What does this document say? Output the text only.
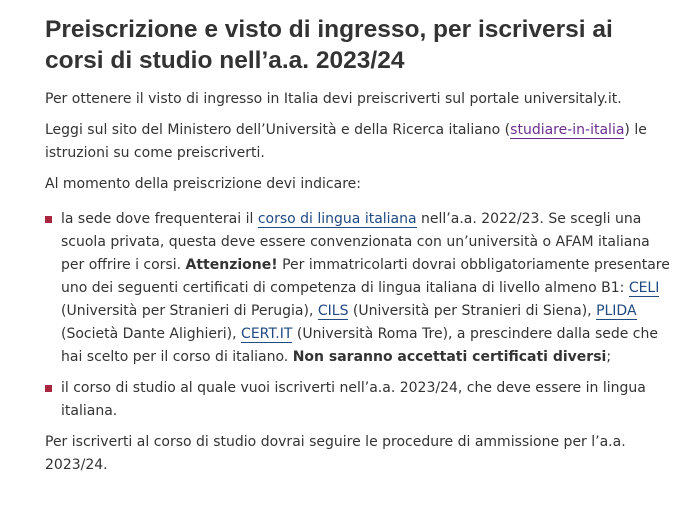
Preiscrizione e visto di ingresso, per iscriversi ai corsi di studio nell’a.a. 2023/24

Per ottenere il visto di ingresso in Italia devi preiscriverti sul portale universitaly.it.

Leggi sul sito del Ministero dell’Università e della Ricerca italiano (studiare-in-italia) le istruzioni su come preiscriverti.

Al momento della preiscrizione devi indicare:

la sede dove frequenterai il corso di lingua italiana nell’a.a. 2022/23. Se scegli una scuola privata, questa deve essere convenzionata con un’università o AFAM italiana per offrire i corsi. Attenzione! Per immatricolarti dovrai obbligatoriamente presentare uno dei seguenti certificati di competenza di lingua italiana di livello almeno B1: CELI (Università per Stranieri di Perugia), CILS (Università per Stranieri di Siena), PLIDA (Società Dante Alighieri), CERT.IT (Università Roma Tre), a prescindere dalla sede che hai scelto per il corso di italiano. Non saranno accettati certificati diversi;
il corso di studio al quale vuoi iscriverti nell’a.a. 2023/24, che deve essere in lingua italiana.

Per iscriverti al corso di studio dovrai seguire le procedure di ammissione per l’a.a. 2023/24.
